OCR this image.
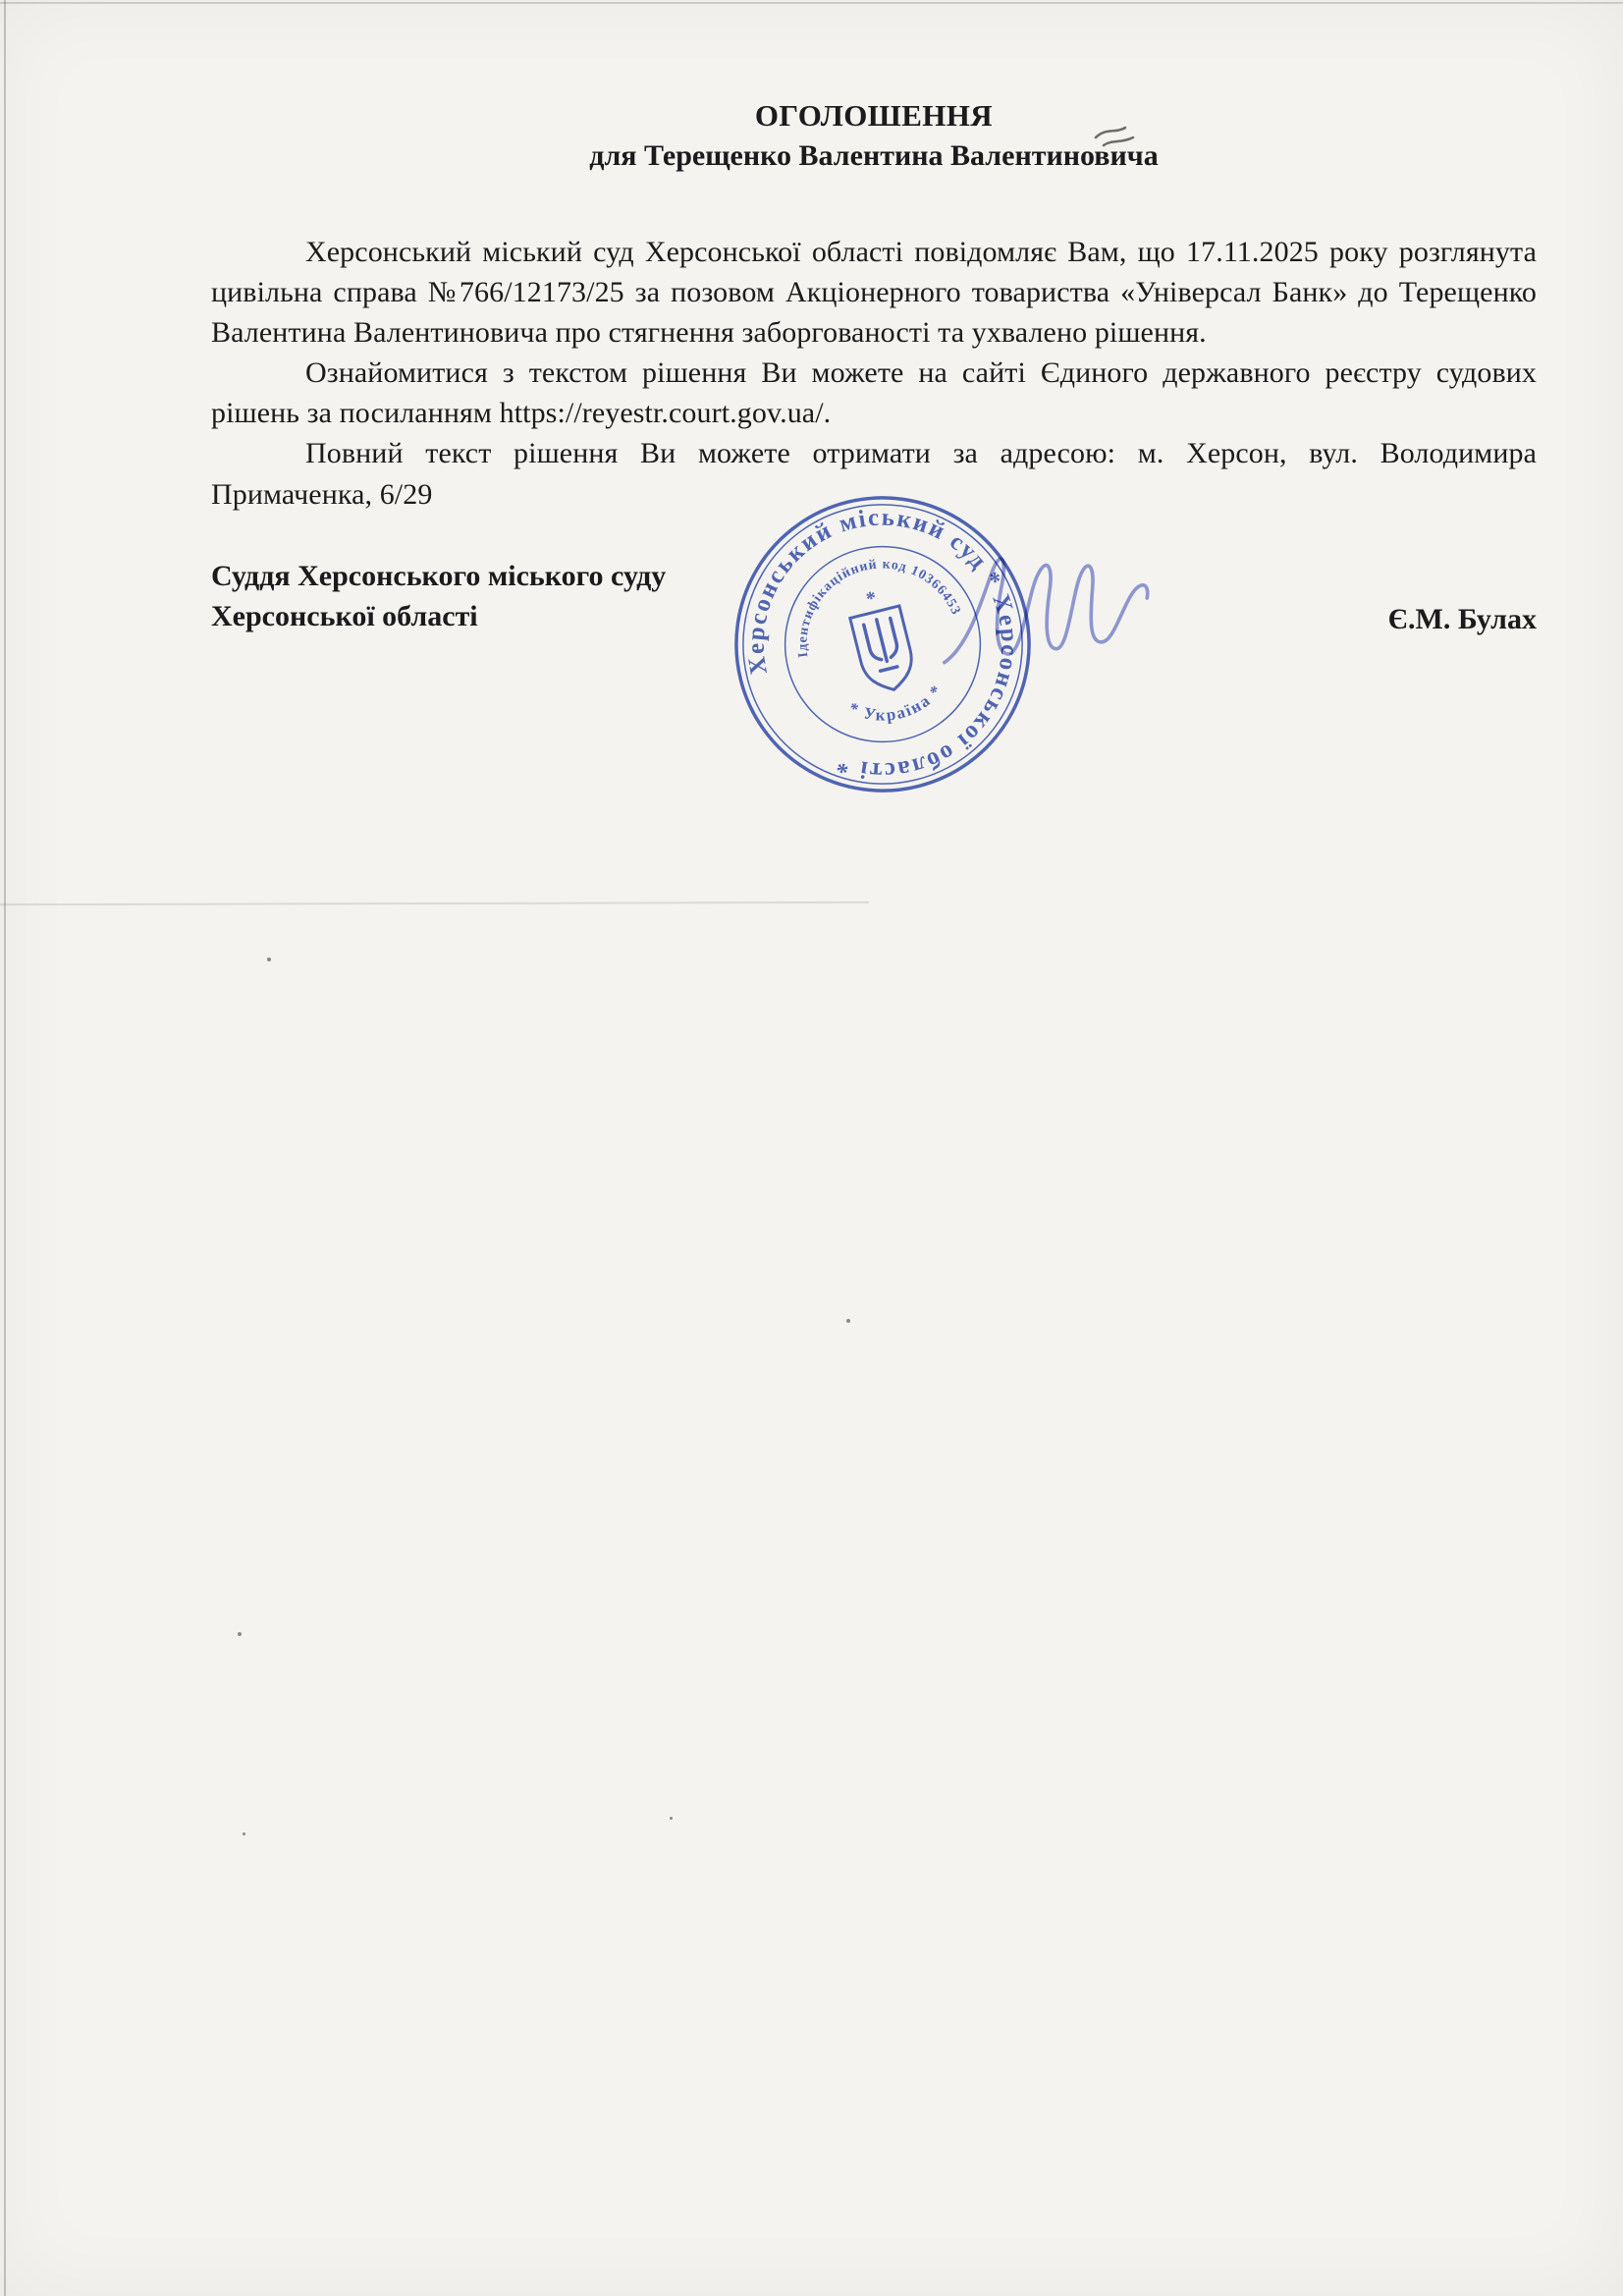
ОГОЛОШЕННЯ
для Терещенко Валентина Валентиновича

Херсонський міський суд Херсонської області повідомляє Вам, що 17.11.2025 року розглянута цивільна справа №766/12173/25 за позовом Акціонерного товариства «Універсал Банк» до Терещенко Валентина Валентиновича про стягнення заборгованості та ухвалено рішення.

Ознайомитися з текстом рішення Ви можете на сайті Єдиного державного реєстру судових рішень за посиланням https://reyestr.court.gov.ua/.

Повний текст рішення Ви можете отримати за адресою: м. Херсон, вул. Володимира Примаченка, 6/29

Суддя Херсонського міського суду
Херсонської області	Є.М. Булах
Херсонський міський суд * Херсонської області *
Ідентифікаційний код 10366453
* Україна *
*
